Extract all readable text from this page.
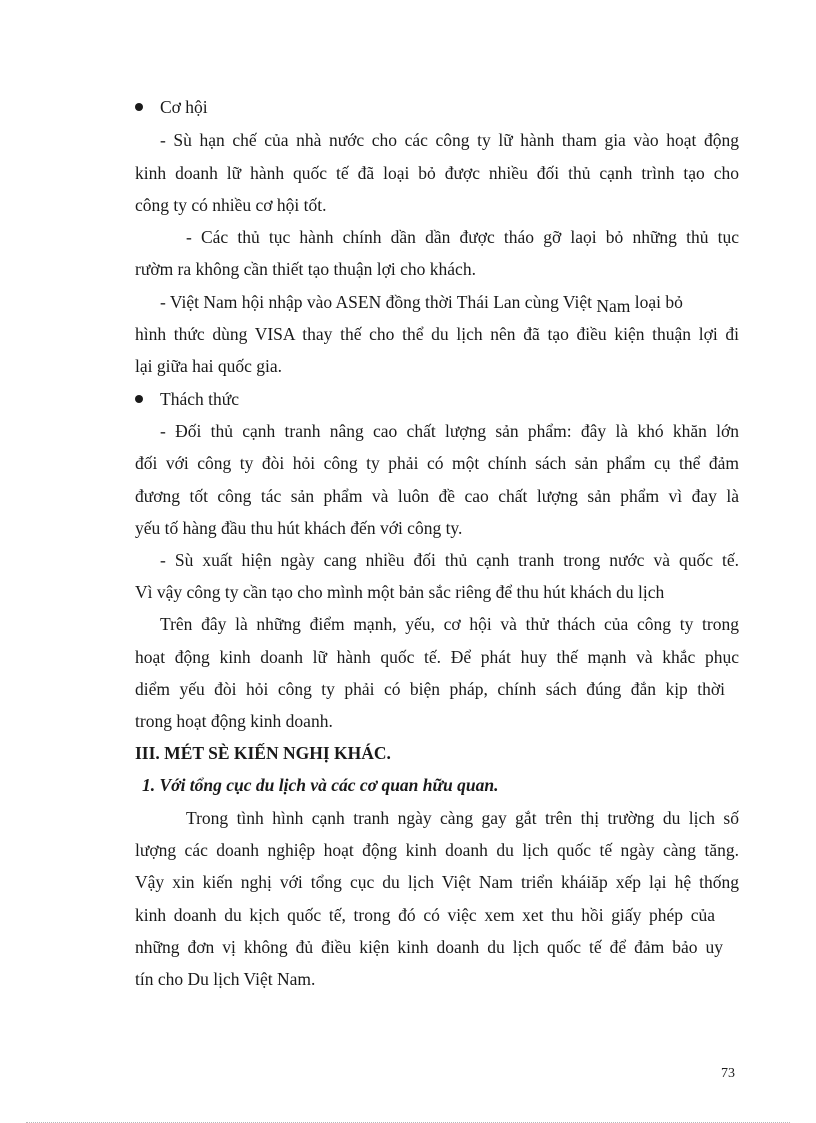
Cơ hội
- Sù hạn chế của nhà nước cho các công ty lữ hành tham gia vào hoạt động
kinh doanh lữ hành quốc tế đã loại bỏ được nhiều đối thủ cạnh trình tạo cho
công ty có nhiều cơ hội tốt.
- Các thủ tục hành chính dần dần được tháo gỡ laọi bỏ những thủ tục
rườm ra không cần thiết tạo thuận lợi cho khách.
- Việt Nam hội nhập vào ASEN đồng thời Thái Lan cùng Việt Nam loại bỏ
hình thức dùng VISA thay thế cho thể du lịch nên đã tạo điều kiện thuận lợi đi
lại giữa hai quốc gia.
Thách thức
- Đối thủ cạnh tranh nâng cao chất lượng sản phẩm: đây là khó khăn lớn
đối với công ty đòi hỏi công ty phải có một chính sách sản phẩm cụ thể đảm
đương tốt công tác sản phẩm và luôn đề cao chất lượng sản phẩm vì đay là
yếu tố hàng đầu thu hút khách đến với công ty.
- Sù xuất hiện ngày cang nhiều đối thủ cạnh tranh trong nước và quốc tế.
Vì vậy công ty cần tạo cho mình một bản sắc riêng để thu hút khách du lịch
Trên đây là những điểm mạnh, yếu, cơ hội và thử thách của công ty trong
hoạt động kinh doanh lữ hành quốc tế. Để phát huy thế mạnh và khắc phục
diểm yếu đòi hỏi công ty phải có biện pháp, chính sách đúng đắn kịp thời
trong hoạt động kinh doanh.
III. MÉT SÈ KIẾN NGHỊ KHÁC.
1. Với tổng cục du lịch và các cơ quan hữu quan.
Trong tình hình cạnh tranh ngày càng gay gắt trên thị trường du lịch số
lượng các doanh nghiệp hoạt động kinh doanh du lịch quốc tế ngày càng tăng.
Vậy xin kiến nghị với tổng cục du lịch Việt Nam triển kháiăp xếp lại hệ thống
kinh doanh du kịch quốc tế, trong đó có việc xem xet thu hồi giấy phép của
những đơn vị không đủ điều kiện kinh doanh du lịch quốc tế để đảm bảo uy
tín cho Du lịch Việt Nam.
73
